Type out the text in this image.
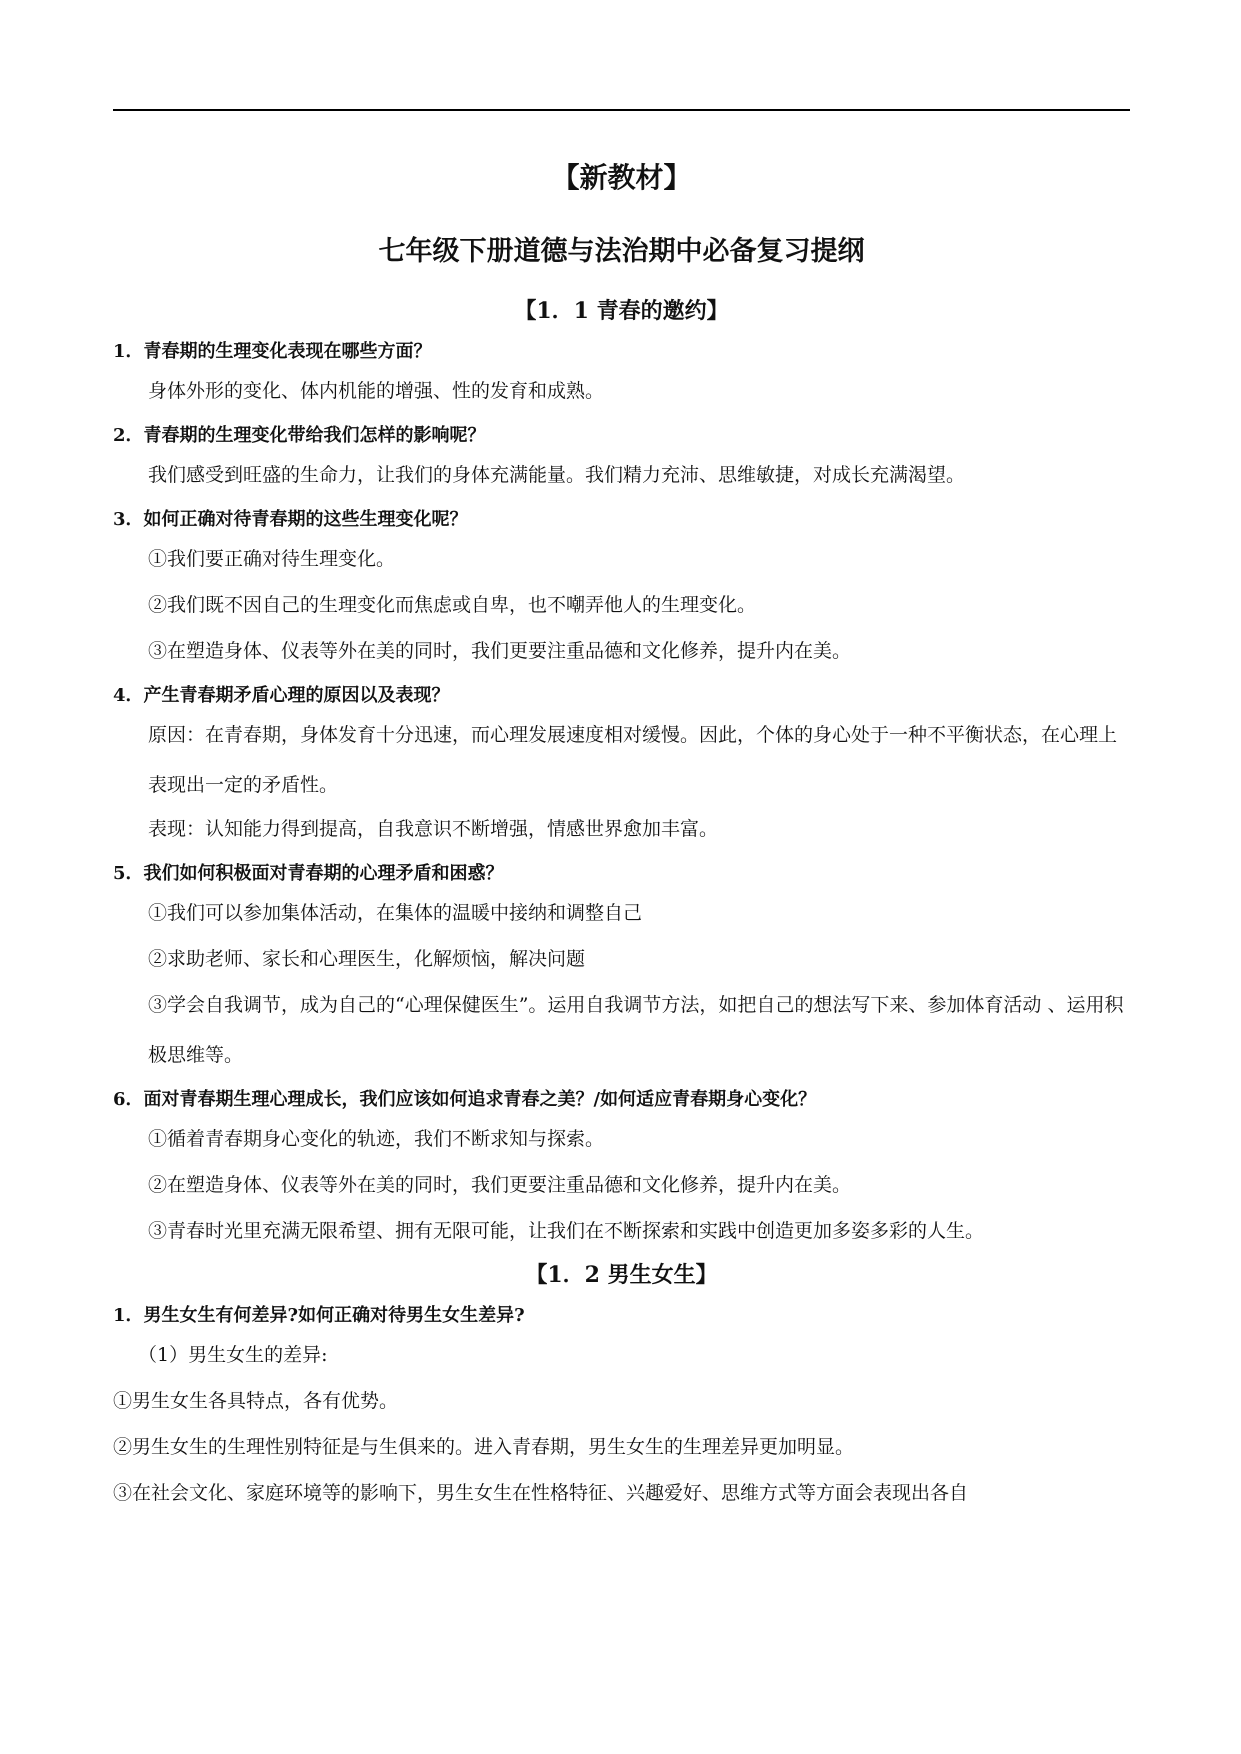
【新教材】
七年级下册道德与法治期中必备复习提纲
【1．1 青春的邀约】
1．青春期的生理变化表现在哪些方面？
身体外形的变化、体内机能的增强、性的发育和成熟。
2．青春期的生理变化带给我们怎样的影响呢？
我们感受到旺盛的生命力，让我们的身体充满能量。我们精力充沛、思维敏捷，对成长充满渴望。
3．如何正确对待青春期的这些生理变化呢？
①我们要正确对待生理变化。
②我们既不因自己的生理变化而焦虑或自卑，也不嘲弄他人的生理变化。
③在塑造身体、仪表等外在美的同时，我们更要注重品德和文化修养，提升内在美。
4．产生青春期矛盾心理的原因以及表现？
原因：在青春期，身体发育十分迅速，而心理发展速度相对缓慢。因此，个体的身心处于一种不平衡状态，在心理上表现出一定的矛盾性。
表现：认知能力得到提高，自我意识不断增强，情感世界愈加丰富。
5．我们如何积极面对青春期的心理矛盾和困惑？
①我们可以参加集体活动，在集体的温暖中接纳和调整自己
②求助老师、家长和心理医生，化解烦恼，解决问题
③学会自我调节，成为自己的“心理保健医生”。运用自我调节方法，如把自己的想法写下来、参加体育活动 、运用积极思维等。
6．面对青春期生理心理成长，我们应该如何追求青春之美？/如何适应青春期身心变化？
①循着青春期身心变化的轨迹，我们不断求知与探索。
②在塑造身体、仪表等外在美的同时，我们更要注重品德和文化修养，提升内在美。
③青春时光里充满无限希望、拥有无限可能，让我们在不断探索和实践中创造更加多姿多彩的人生。
【1．2 男生女生】
1．男生女生有何差异?如何正确对待男生女生差异?
（1）男生女生的差异:
①男生女生各具特点，各有优势。
②男生女生的生理性别特征是与生俱来的。进入青春期，男生女生的生理差异更加明显。
③在社会文化、家庭环境等的影响下，男生女生在性格特征、兴趣爱好、思维方式等方面会表现出各自
